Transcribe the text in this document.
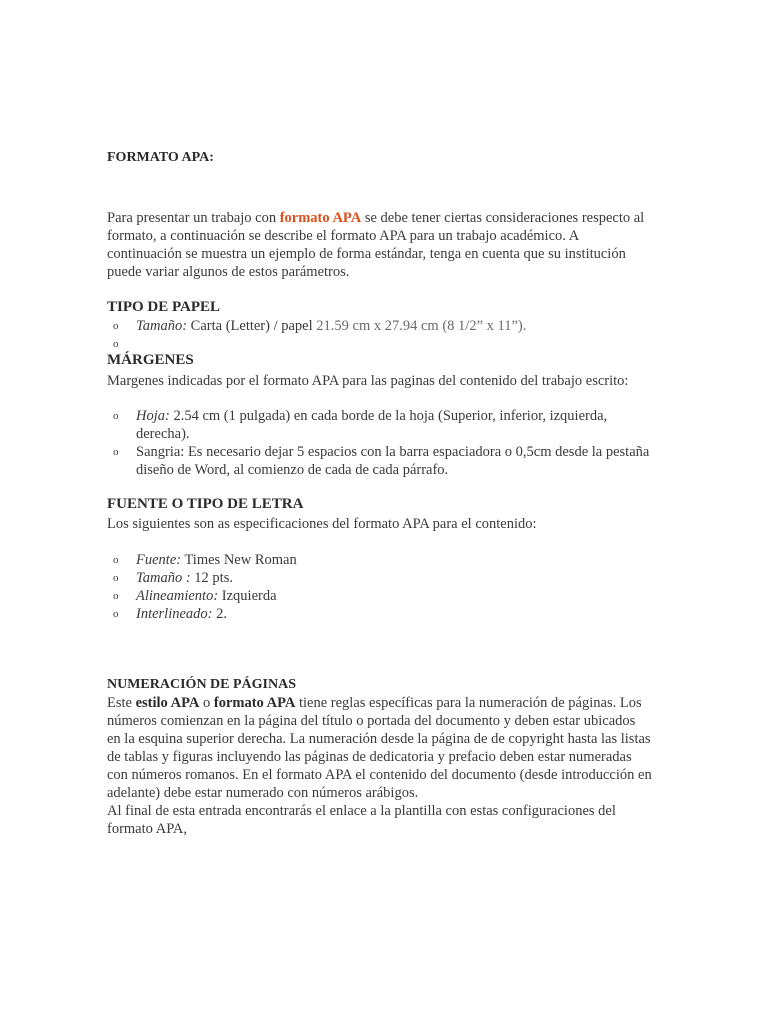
FORMATO APA:
Para presentar un trabajo con formato APA se debe tener ciertas consideraciones respecto al formato, a continuación se describe el formato APA para un trabajo académico. A continuación se muestra un ejemplo de forma estándar, tenga en cuenta que su institución puede variar algunos de estos parámetros.
TIPO DE PAPEL
o Tamaño: Carta (Letter) / papel 21.59 cm x 27.94 cm (8 1/2” x 11”).
o

MÁRGENES
Margenes indicadas por el formato APA para las paginas del contenido del trabajo escrito:
o Hoja: 2.54 cm (1 pulgada) en cada borde de la hoja (Superior, inferior, izquierda, derecha).
o Sangria: Es necesario dejar 5 espacios con la barra espaciadora o 0,5cm desde la pestaña diseño de Word, al comienzo de cada de cada párrafo.
FUENTE O TIPO DE LETRA
Los siguientes son as especificaciones del formato APA para el contenido:
o Fuente: Times New Roman
o Tamaño : 12 pts.
o Alineamiento: Izquierda
o Interlineado: 2.
NUMERACIÓN DE PÁGINAS
Este estilo APA o formato APA tiene reglas específicas para la numeración de páginas. Los números comienzan en la página del título o portada del documento y deben estar ubicados en la esquina superior derecha. La numeración desde la página de de copyright hasta las listas de tablas y figuras incluyendo las páginas de dedicatoria y prefacio deben estar numeradas con números romanos. En el formato APA el contenido del documento (desde introducción en adelante) debe estar numerado con números arábigos.
Al final de esta entrada encontrarás el enlace a la plantilla con estas configuraciones del formato APA,
